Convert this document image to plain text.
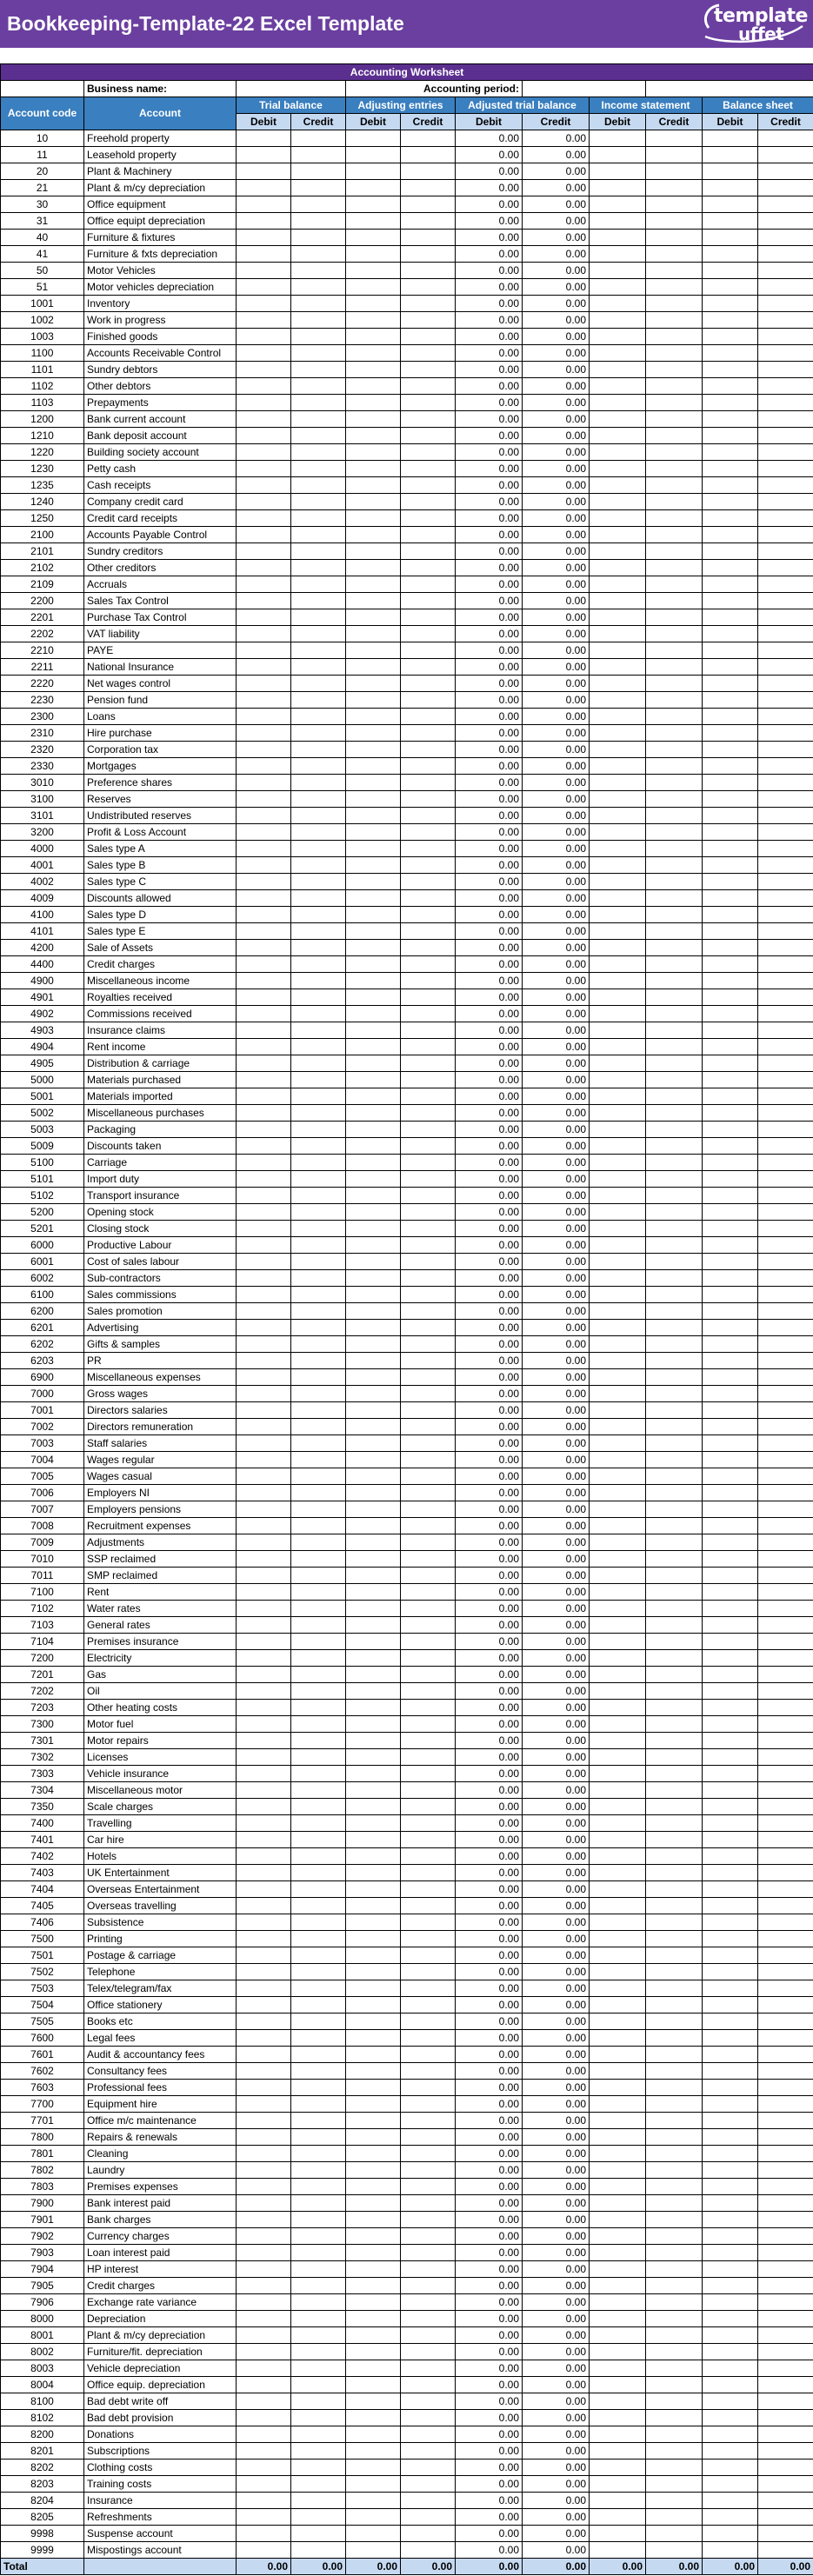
Bookkeeping-Template-22 Excel Template	template
uffet
Accounting Worksheet											
	Business name:			Accounting period:							
Account code	Account	Trial balance		Adjusting entries		Adjusted trial balance		Income statement		Balance sheet	
		Debit	Credit	Debit	Credit	Debit	Credit	Debit	Credit	Debit	Credit
10	Freehold property					0.00	0.00				
11	Leasehold property					0.00	0.00				
20	Plant & Machinery					0.00	0.00				
21	Plant & m/cy depreciation					0.00	0.00				
30	Office equipment					0.00	0.00				
31	Office equipt depreciation					0.00	0.00				
40	Furniture & fixtures					0.00	0.00				
41	Furniture & fxts depreciation					0.00	0.00				
50	Motor Vehicles					0.00	0.00				
51	Motor vehicles depreciation					0.00	0.00				
1001	Inventory					0.00	0.00				
1002	Work in progress					0.00	0.00				
1003	Finished goods					0.00	0.00				
1100	Accounts Receivable Control					0.00	0.00				
1101	Sundry debtors					0.00	0.00				
1102	Other debtors					0.00	0.00				
1103	Prepayments					0.00	0.00				
1200	Bank current account					0.00	0.00				
1210	Bank deposit account					0.00	0.00				
1220	Building society account					0.00	0.00				
1230	Petty cash					0.00	0.00				
1235	Cash receipts					0.00	0.00				
1240	Company credit card					0.00	0.00				
1250	Credit card receipts					0.00	0.00				
2100	Accounts Payable Control					0.00	0.00				
2101	Sundry creditors					0.00	0.00				
2102	Other creditors					0.00	0.00				
2109	Accruals					0.00	0.00				
2200	Sales Tax Control					0.00	0.00				
2201	Purchase Tax Control					0.00	0.00				
2202	VAT liability					0.00	0.00				
2210	PAYE					0.00	0.00				
2211	National Insurance					0.00	0.00				
2220	Net wages control					0.00	0.00				
2230	Pension fund					0.00	0.00				
2300	Loans					0.00	0.00				
2310	Hire purchase					0.00	0.00				
2320	Corporation tax					0.00	0.00				
2330	Mortgages					0.00	0.00				
3010	Preference shares					0.00	0.00				
3100	Reserves					0.00	0.00				
3101	Undistributed reserves					0.00	0.00				
3200	Profit & Loss Account					0.00	0.00				
4000	Sales type A					0.00	0.00				
4001	Sales type B					0.00	0.00				
4002	Sales type C					0.00	0.00				
4009	Discounts allowed					0.00	0.00				
4100	Sales type D					0.00	0.00				
4101	Sales type E					0.00	0.00				
4200	Sale of Assets					0.00	0.00				
4400	Credit charges					0.00	0.00				
4900	Miscellaneous income					0.00	0.00				
4901	Royalties received					0.00	0.00				
4902	Commissions received					0.00	0.00				
4903	Insurance claims					0.00	0.00				
4904	Rent income					0.00	0.00				
4905	Distribution & carriage					0.00	0.00				
5000	Materials purchased					0.00	0.00				
5001	Materials imported					0.00	0.00				
5002	Miscellaneous purchases					0.00	0.00				
5003	Packaging					0.00	0.00				
5009	Discounts taken					0.00	0.00				
5100	Carriage					0.00	0.00				
5101	Import duty					0.00	0.00				
5102	Transport insurance					0.00	0.00				
5200	Opening stock					0.00	0.00				
5201	Closing stock					0.00	0.00				
6000	Productive Labour					0.00	0.00				
6001	Cost of sales labour					0.00	0.00				
6002	Sub-contractors					0.00	0.00				
6100	Sales commissions					0.00	0.00				
6200	Sales promotion					0.00	0.00				
6201	Advertising					0.00	0.00				
6202	Gifts & samples					0.00	0.00				
6203	PR					0.00	0.00				
6900	Miscellaneous expenses					0.00	0.00				
7000	Gross wages					0.00	0.00				
7001	Directors salaries					0.00	0.00				
7002	Directors remuneration					0.00	0.00				
7003	Staff salaries					0.00	0.00				
7004	Wages regular					0.00	0.00				
7005	Wages casual					0.00	0.00				
7006	Employers NI					0.00	0.00				
7007	Employers pensions					0.00	0.00				
7008	Recruitment expenses					0.00	0.00				
7009	Adjustments					0.00	0.00				
7010	SSP reclaimed					0.00	0.00				
7011	SMP reclaimed					0.00	0.00				
7100	Rent					0.00	0.00				
7102	Water rates					0.00	0.00				
7103	General rates					0.00	0.00				
7104	Premises insurance					0.00	0.00				
7200	Electricity					0.00	0.00				
7201	Gas					0.00	0.00				
7202	Oil					0.00	0.00				
7203	Other heating costs					0.00	0.00				
7300	Motor fuel					0.00	0.00				
7301	Motor repairs					0.00	0.00				
7302	Licenses					0.00	0.00				
7303	Vehicle insurance					0.00	0.00				
7304	Miscellaneous motor					0.00	0.00				
7350	Scale charges					0.00	0.00				
7400	Travelling					0.00	0.00				
7401	Car hire					0.00	0.00				
7402	Hotels					0.00	0.00				
7403	UK Entertainment					0.00	0.00				
7404	Overseas Entertainment					0.00	0.00				
7405	Overseas travelling					0.00	0.00				
7406	Subsistence					0.00	0.00				
7500	Printing					0.00	0.00				
7501	Postage & carriage					0.00	0.00				
7502	Telephone					0.00	0.00				
7503	Telex/telegram/fax					0.00	0.00				
7504	Office stationery					0.00	0.00				
7505	Books etc					0.00	0.00				
7600	Legal fees					0.00	0.00				
7601	Audit & accountancy fees					0.00	0.00				
7602	Consultancy fees					0.00	0.00				
7603	Professional fees					0.00	0.00				
7700	Equipment hire					0.00	0.00				
7701	Office m/c maintenance					0.00	0.00				
7800	Repairs & renewals					0.00	0.00				
7801	Cleaning					0.00	0.00				
7802	Laundry					0.00	0.00				
7803	Premises expenses					0.00	0.00				
7900	Bank interest paid					0.00	0.00				
7901	Bank charges					0.00	0.00				
7902	Currency charges					0.00	0.00				
7903	Loan interest paid					0.00	0.00				
7904	HP interest					0.00	0.00				
7905	Credit charges					0.00	0.00				
7906	Exchange rate variance					0.00	0.00				
8000	Depreciation					0.00	0.00				
8001	Plant & m/cy depreciation					0.00	0.00				
8002	Furniture/fit. depreciation					0.00	0.00				
8003	Vehicle depreciation					0.00	0.00				
8004	Office equip. depreciation					0.00	0.00				
8100	Bad debt write off					0.00	0.00				
8102	Bad debt provision					0.00	0.00				
8200	Donations					0.00	0.00				
8201	Subscriptions					0.00	0.00				
8202	Clothing costs					0.00	0.00				
8203	Training costs					0.00	0.00				
8204	Insurance					0.00	0.00				
8205	Refreshments					0.00	0.00				
9998	Suspense account					0.00	0.00				
9999	Mispostings account					0.00	0.00				
Total		0.00	0.00	0.00	0.00	0.00	0.00	0.00	0.00	0.00	0.00
